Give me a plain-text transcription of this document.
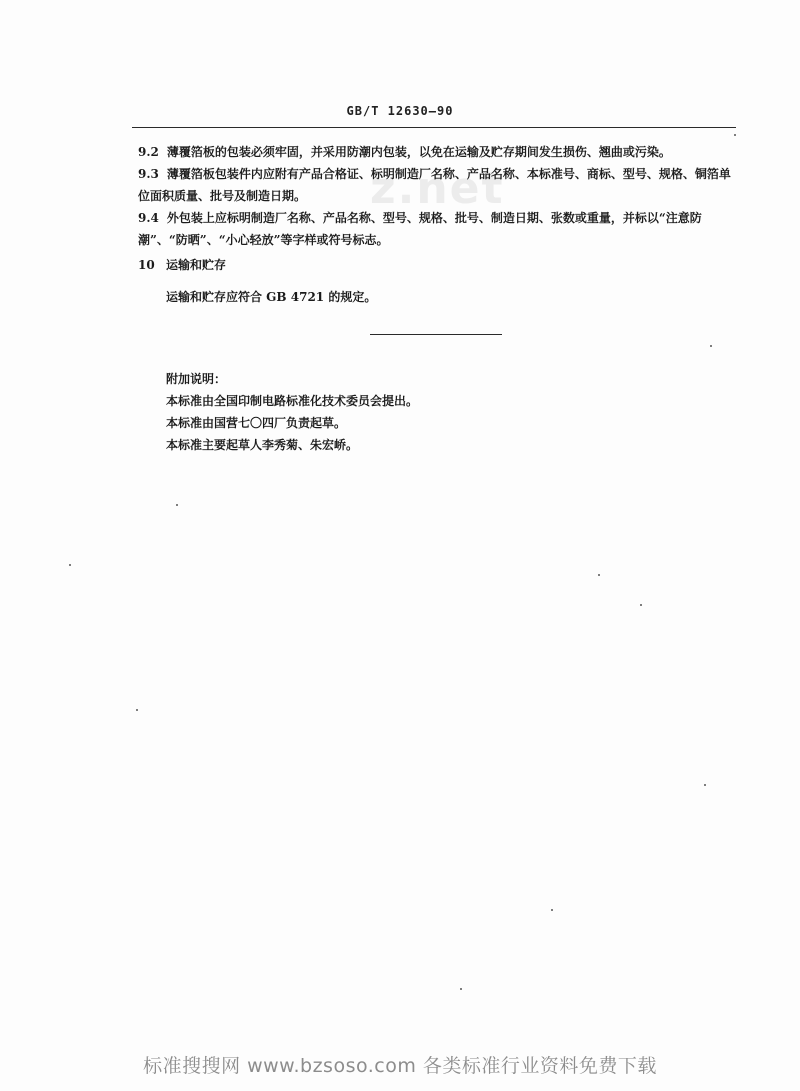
GB/T 12630—90
z.net
9.2 薄覆箔板的包装必须牢固，并采用防潮内包装，以免在运输及贮存期间发生损伤、翘曲或污染。
9.3 薄覆箔板包装件内应附有产品合格证、标明制造厂名称、产品名称、本标准号、商标、型号、规格、铜箔单位面积质量、批号及制造日期。
9.4 外包装上应标明制造厂名称、产品名称、型号、规格、批号、制造日期、张数或重量，并标以“注意防潮”、“防晒”、“小心轻放”等字样或符号标志。
10 运输和贮存
运输和贮存应符合 GB 4721 的规定。
附加说明：
本标准由全国印制电路标准化技术委员会提出。
本标准由国营七〇四厂负责起草。
本标准主要起草人李秀菊、朱宏峤。
标准搜搜网 www.bzsoso.com 各类标准行业资料免费下载
